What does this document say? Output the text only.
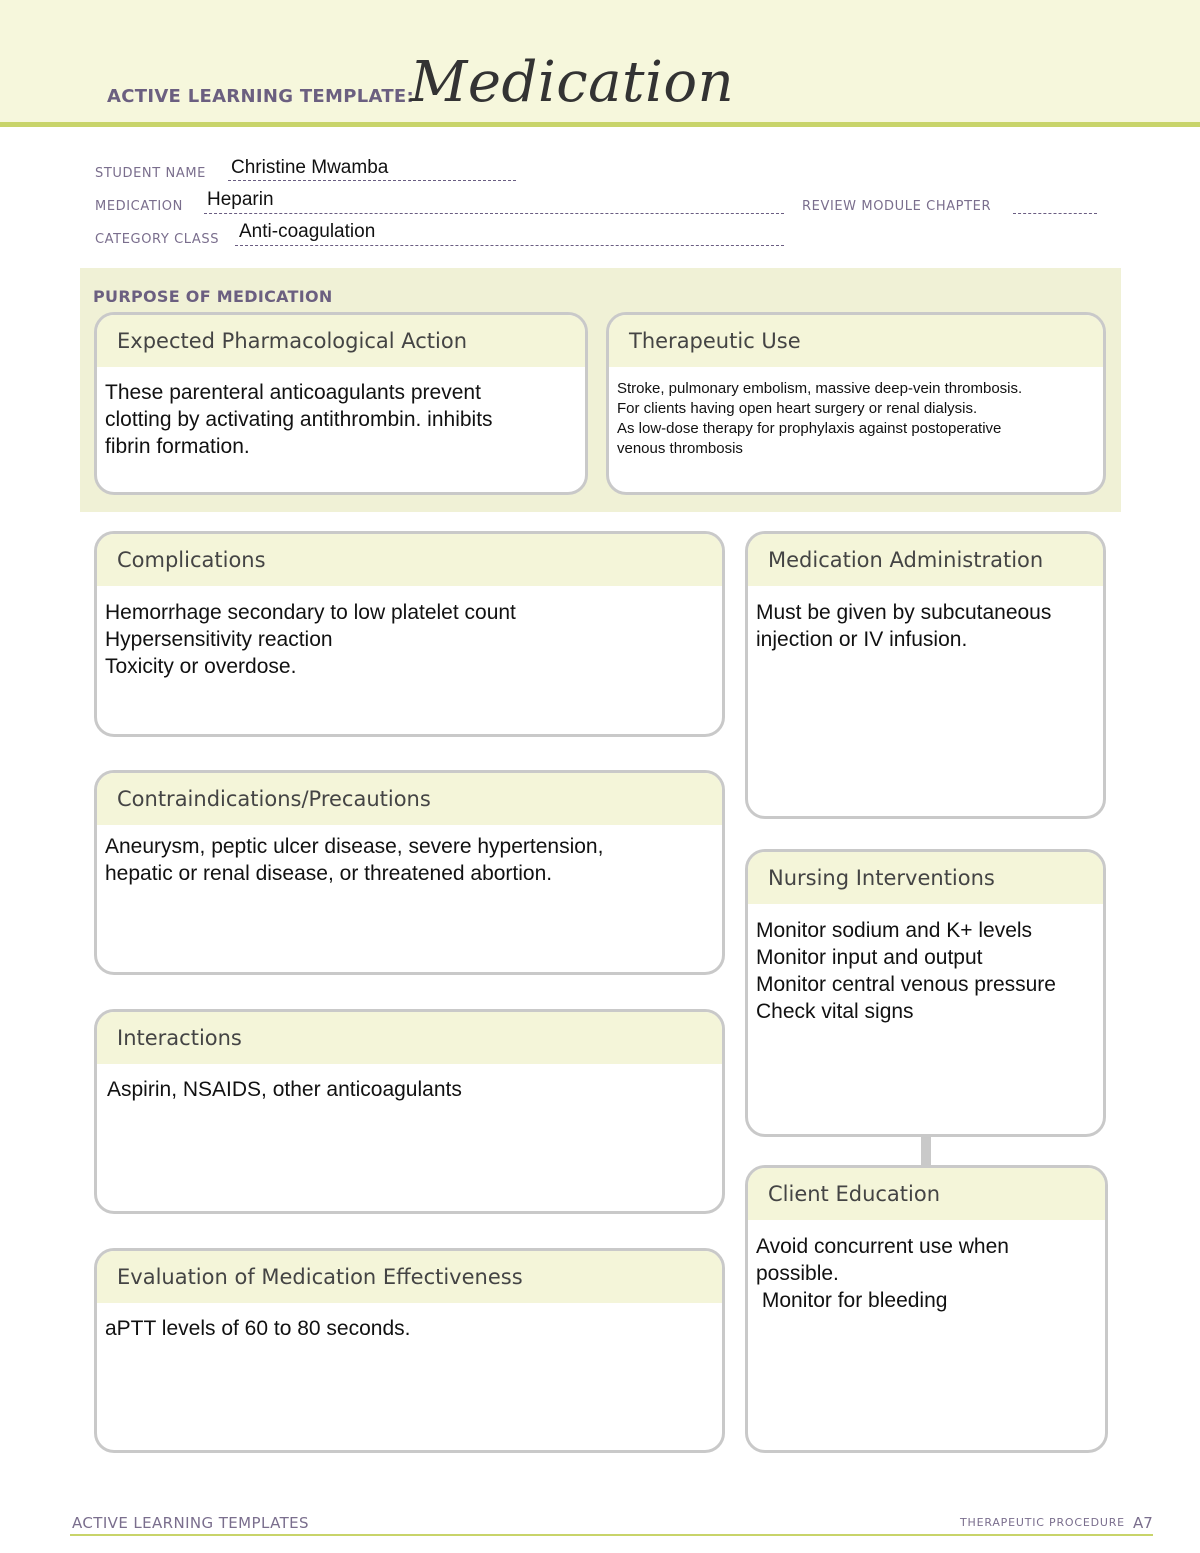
ACTIVE LEARNING TEMPLATE:
Medication
STUDENT NAME Christine Mwamba
MEDICATION Heparin	REVIEW MODULE CHAPTER
CATEGORY CLASS Anti-coagulation
PURPOSE OF MEDICATION
Expected Pharmacological Action
These parenteral anticoagulants prevent
clotting by activating antithrombin. inhibits
fibrin formation.
Therapeutic Use
Stroke, pulmonary embolism, massive deep-vein thrombosis.
For clients having open heart surgery or renal dialysis.
As low-dose therapy for prophylaxis against postoperative
venous thrombosis
Complications
Hemorrhage secondary to low platelet count
Hypersensitivity reaction
Toxicity or overdose.
Contraindications/Precautions
Aneurysm, peptic ulcer disease, severe hypertension,
hepatic or renal disease, or threatened abortion.
Interactions
Aspirin, NSAIDS, other anticoagulants
Evaluation of Medication Effectiveness
aPTT levels of 60 to 80 seconds.
Medication Administration
Must be given by subcutaneous
injection or IV infusion.
Nursing Interventions
Monitor sodium and K+ levels
Monitor input and output
Monitor central venous pressure
Check vital signs
Client Education
Avoid concurrent use when
possible.
Monitor for bleeding
ACTIVE LEARNING TEMPLATES	THERAPEUTIC PROCEDURE A7
